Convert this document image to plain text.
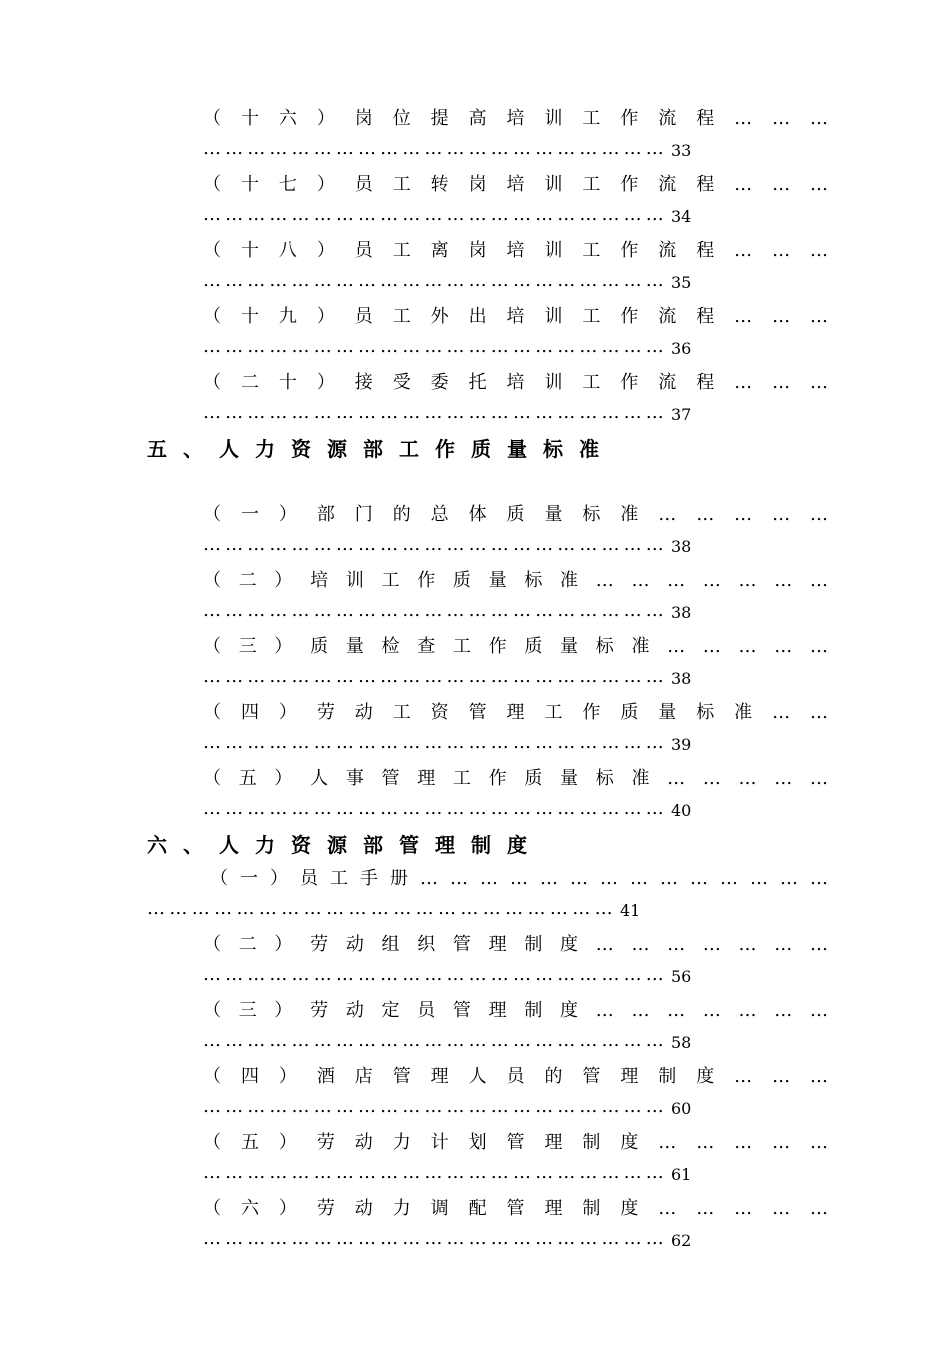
（ 十 六 ） 岗 位 提 高 培 训 工 作 流 程 … … …
… … … … … … … … … … … … … … … … … … … … … 33
（ 十 七 ） 员 工 转 岗 培 训 工 作 流 程 … … …
… … … … … … … … … … … … … … … … … … … … … 34
（ 十 八 ） 员 工 离 岗 培 训 工 作 流 程 … … …
… … … … … … … … … … … … … … … … … … … … … 35
（ 十 九 ） 员 工 外 出 培 训 工 作 流 程 … … …
… … … … … … … … … … … … … … … … … … … … … 36
（ 二 十 ） 接 受 委 托 培 训 工 作 流 程 … … …
… … … … … … … … … … … … … … … … … … … … … 37
五 、 人 力 资 源 部 工 作 质 量 标 准
（ 一 ） 部 门 的 总 体 质 量 标 准 … … … … …
… … … … … … … … … … … … … … … … … … … … … 38
（ 二 ） 培 训 工 作 质 量 标 准 … … … … … … …
… … … … … … … … … … … … … … … … … … … … … 38
（ 三 ） 质 量 检 查 工 作 质 量 标 准 … … … … …
… … … … … … … … … … … … … … … … … … … … … 38
（ 四 ） 劳 动 工 资 管 理 工 作 质 量 标 准 … …
… … … … … … … … … … … … … … … … … … … … … 39
（ 五 ） 人 事 管 理 工 作 质 量 标 准 … … … … …
… … … … … … … … … … … … … … … … … … … … … 40
六 、 人 力 资 源 部 管 理 制 度
（ 一 ） 员 工 手 册 … … … … … … … … … … … … … …
… … … … … … … … … … … … … … … … … … … … … 41
（ 二 ） 劳 动 组 织 管 理 制 度 … … … … … … …
… … … … … … … … … … … … … … … … … … … … … 56
（ 三 ） 劳 动 定 员 管 理 制 度 … … … … … … …
… … … … … … … … … … … … … … … … … … … … … 58
（ 四 ） 酒 店 管 理 人 员 的 管 理 制 度 … … …
… … … … … … … … … … … … … … … … … … … … … 60
（ 五 ） 劳 动 力 计 划 管 理 制 度 … … … … …
… … … … … … … … … … … … … … … … … … … … … 61
（ 六 ） 劳 动 力 调 配 管 理 制 度 … … … … …
… … … … … … … … … … … … … … … … … … … … … 62
